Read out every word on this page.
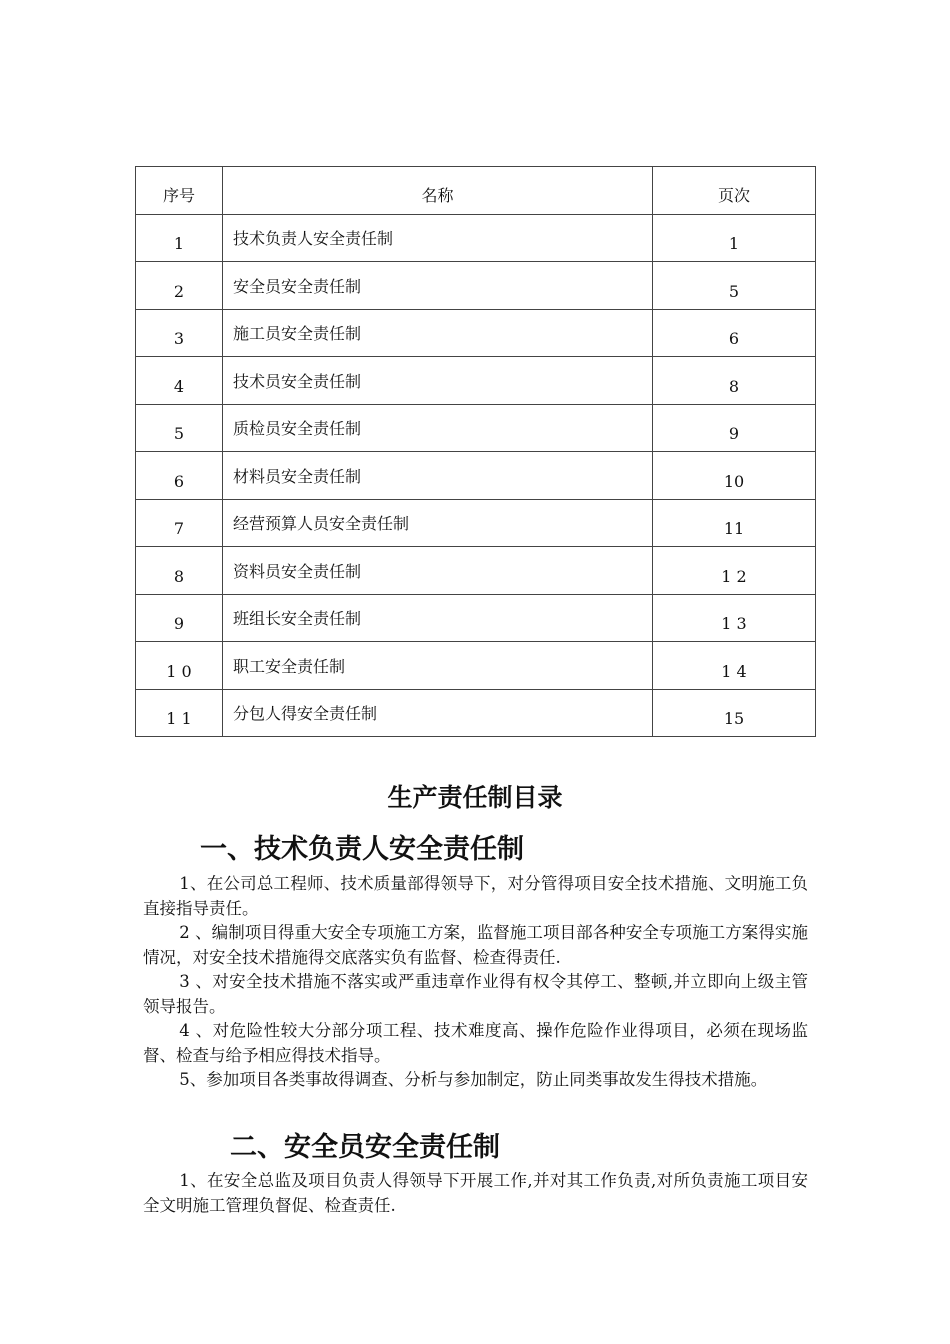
序号	名称	页次
1	技术负责人安全责任制	1
2	安全员安全责任制	5
3	施工员安全责任制	6
4	技术员安全责任制	8
5	质检员安全责任制	9
6	材料员安全责任制	10
7	经营预算人员安全责任制	11
8	资料员安全责任制	1 2
9	班组长安全责任制	1 3
1 0	职工安全责任制	1 4
1 1	分包人得安全责任制	15
生产责任制目录
一、技术负责人安全责任制

1、在公司总工程师、技术质量部得领导下，对分管得项目安全技术措施、文明施工负直接指导责任。

2 、编制项目得重大安全专项施工方案，监督施工项目部各种安全专项施工方案得实施情况，对安全技术措施得交底落实负有监督、检查得责任.

3 、对安全技术措施不落实或严重违章作业得有权令其停工、整顿,并立即向上级主管领导报告。

4 、对危险性较大分部分项工程、技术难度高、操作危险作业得项目，必须在现场监督、检查与给予相应得技术指导。

5、参加项目各类事故得调查、分析与参加制定，防止同类事故发生得技术措施。

二、安全员安全责任制

1、在安全总监及项目负责人得领导下开展工作,并对其工作负责,对所负责施工项目安全文明施工管理负督促、检查责任.
